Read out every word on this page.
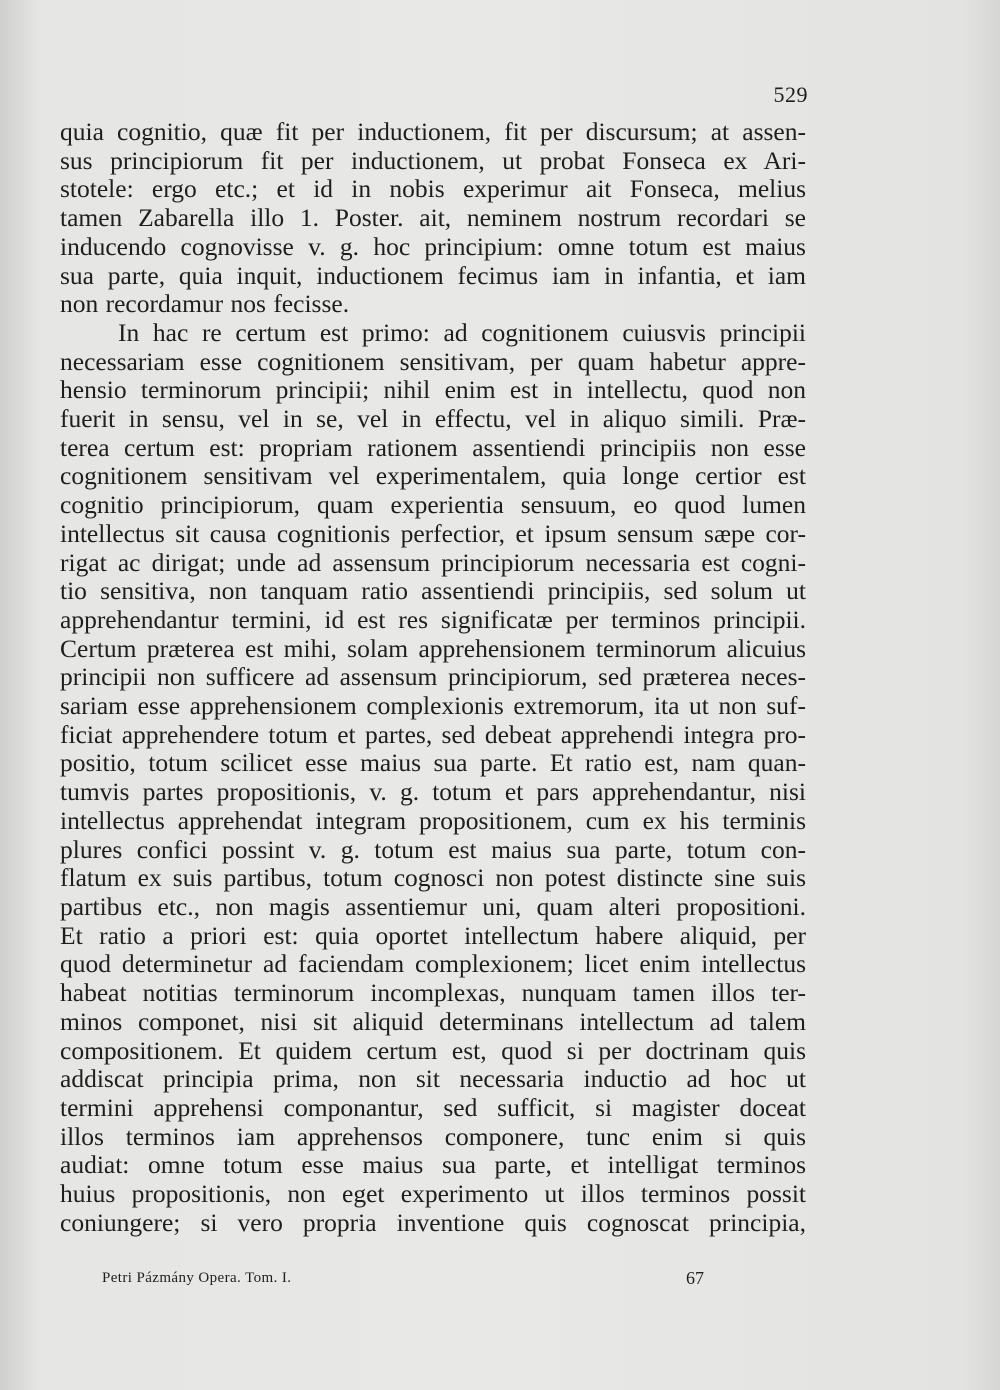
529
quia cognitio, quæ fit per inductionem, fit per discursum; at assen-
sus principiorum fit per inductionem, ut probat Fonseca ex Ari-
stotele: ergo etc.; et id in nobis experimur ait Fonseca, melius
tamen Zabarella illo 1. Poster. ait, neminem nostrum recordari se
inducendo cognovisse v. g. hoc principium: omne totum est maius
sua parte, quia inquit, inductionem fecimus iam in infantia, et iam
non recordamur nos fecisse.
In hac re certum est primo: ad cognitionem cuiusvis principii
necessariam esse cognitionem sensitivam, per quam habetur appre-
hensio terminorum principii; nihil enim est in intellectu, quod non
fuerit in sensu, vel in se, vel in effectu, vel in aliquo simili. Præ-
terea certum est: propriam rationem assentiendi principiis non esse
cognitionem sensitivam vel experimentalem, quia longe certior est
cognitio principiorum, quam experientia sensuum, eo quod lumen
intellectus sit causa cognitionis perfectior, et ipsum sensum sæpe cor-
rigat ac dirigat; unde ad assensum principiorum necessaria est cogni-
tio sensitiva, non tanquam ratio assentiendi principiis, sed solum ut
apprehendantur termini, id est res significatæ per terminos principii.
Certum præterea est mihi, solam apprehensionem terminorum alicuius
principii non sufficere ad assensum principiorum, sed præterea neces-
sariam esse apprehensionem complexionis extremorum, ita ut non suf-
ficiat apprehendere totum et partes, sed debeat apprehendi integra pro-
positio, totum scilicet esse maius sua parte. Et ratio est, nam quan-
tumvis partes propositionis, v. g. totum et pars apprehendantur, nisi
intellectus apprehendat integram propositionem, cum ex his terminis
plures confici possint v. g. totum est maius sua parte, totum con-
flatum ex suis partibus, totum cognosci non potest distincte sine suis
partibus etc., non magis assentiemur uni, quam alteri propositioni.
Et ratio a priori est: quia oportet intellectum habere aliquid, per
quod determinetur ad faciendam complexionem; licet enim intellectus
habeat notitias terminorum incomplexas, nunquam tamen illos ter-
minos componet, nisi sit aliquid determinans intellectum ad talem
compositionem. Et quidem certum est, quod si per doctrinam quis
addiscat principia prima, non sit necessaria inductio ad hoc ut
termini apprehensi componantur, sed sufficit, si magister doceat
illos terminos iam apprehensos componere, tunc enim si quis
audiat: omne totum esse maius sua parte, et intelligat terminos
huius propositionis, non eget experimento ut illos terminos possit
coniungere; si vero propria inventione quis cognoscat principia,
Petri Pázmány Opera. Tom. I.	67
